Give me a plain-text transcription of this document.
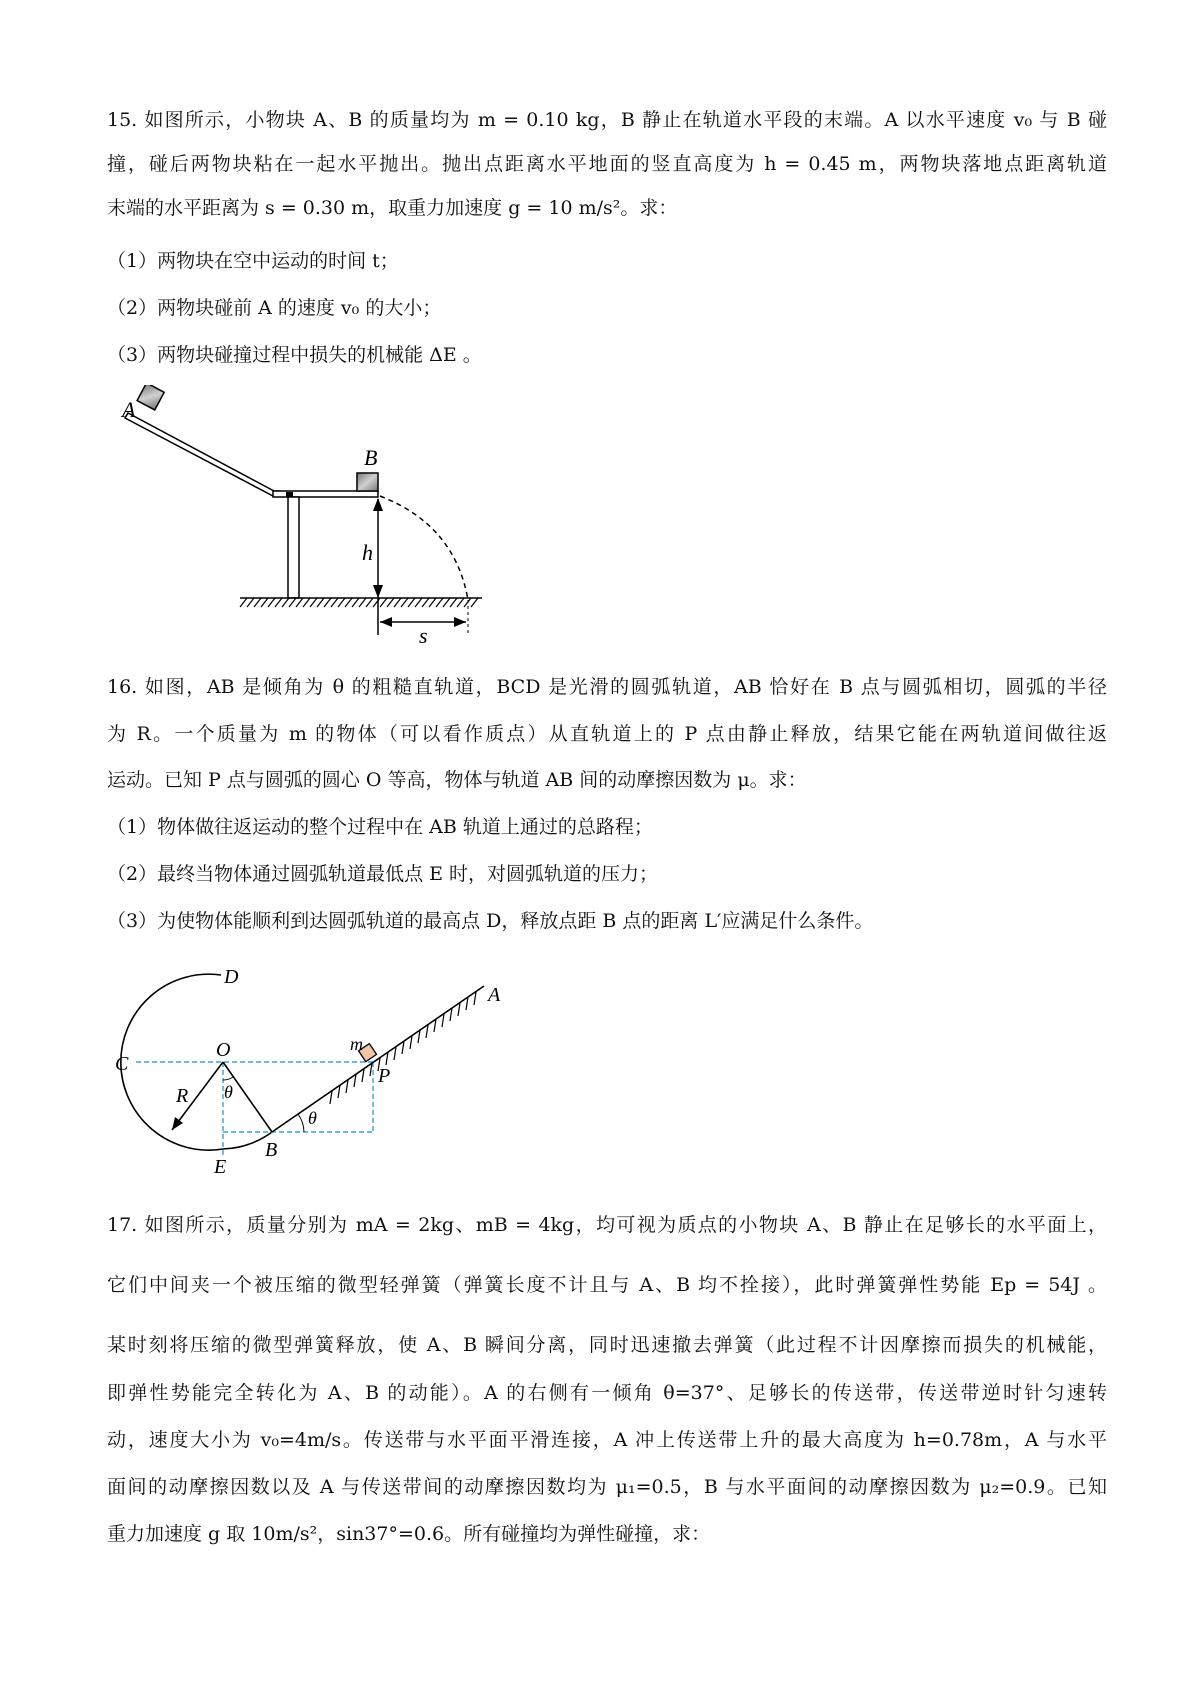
15. 如图所示，小物块 A、B 的质量均为 m = 0.10 kg，B 静止在轨道水平段的末端。A 以水平速度 v₀ 与 B 碰
撞，碰后两物块粘在一起水平抛出。抛出点距离水平地面的竖直高度为 h = 0.45 m，两物块落地点距离轨道
末端的水平距离为 s = 0.30 m，取重力加速度 g = 10 m/s²。求：
（1）两物块在空中运动的时间 t；
（2）两物块碰前 A 的速度 v₀ 的大小；
（3）两物块碰撞过程中损失的机械能 ΔE 。
A
B
h
s
16. 如图，AB 是倾角为 θ 的粗糙直轨道，BCD 是光滑的圆弧轨道，AB 恰好在 B 点与圆弧相切，圆弧的半径
为 R。一个质量为 m 的物体（可以看作质点）从直轨道上的 P 点由静止释放，结果它能在两轨道间做往返
运动。已知 P 点与圆弧的圆心 O 等高，物体与轨道 AB 间的动摩擦因数为 μ。求：
（1）物体做往返运动的整个过程中在 AB 轨道上通过的总路程；
（2）最终当物体通过圆弧轨道最低点 E 时，对圆弧轨道的压力；
（3）为使物体能顺利到达圆弧轨道的最高点 D，释放点距 B 点的距离 L′应满足什么条件。
D
C
O
E
B
R θ
A
θ
m
P
17. 如图所示，质量分别为 mA = 2kg、mB = 4kg，均可视为质点的小物块 A、B 静止在足够长的水平面上，
它们中间夹一个被压缩的微型轻弹簧（弹簧长度不计且与 A、B 均不拴接），此时弹簧弹性势能 Ep = 54J 。
某时刻将压缩的微型弹簧释放，使 A、B 瞬间分离，同时迅速撤去弹簧（此过程不计因摩擦而损失的机械能，
即弹性势能完全转化为 A、B 的动能）。A 的右侧有一倾角 θ=37°、足够长的传送带，传送带逆时针匀速转
动，速度大小为 v₀=4m/s。传送带与水平面平滑连接，A 冲上传送带上升的最大高度为 h=0.78m，A 与水平
面间的动摩擦因数以及 A 与传送带间的动摩擦因数均为 μ₁=0.5，B 与水平面间的动摩擦因数为 μ₂=0.9。已知
重力加速度 g 取 10m/s²，sin37°=0.6。所有碰撞均为弹性碰撞，求：
